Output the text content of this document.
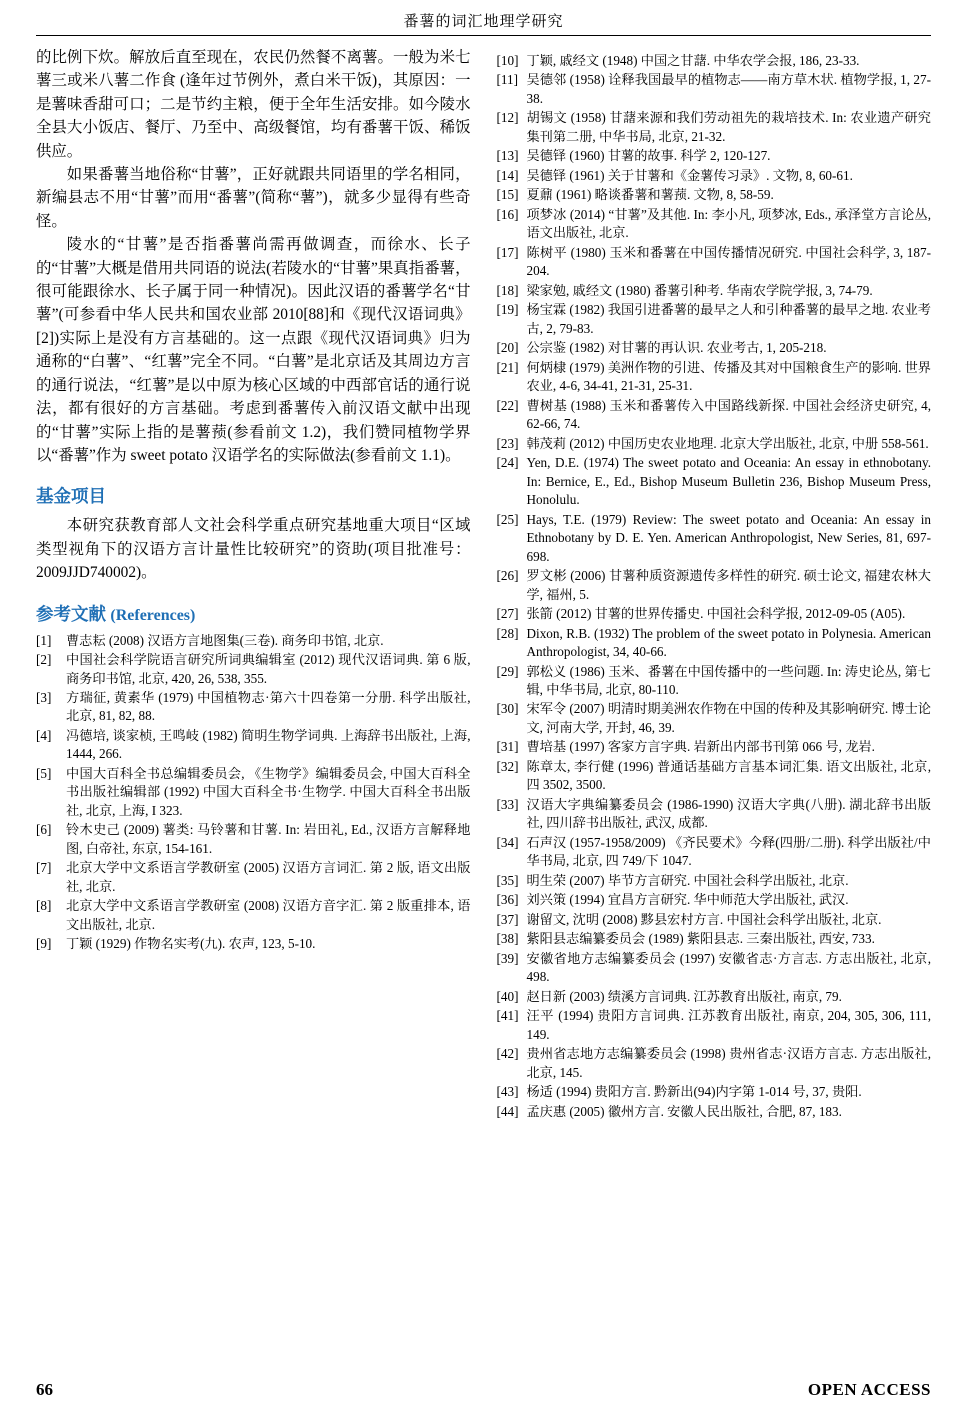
番薯的词汇地理学研究

的比例下炊。解放后直至现在，农民仍然餐不离薯。一般为米七薯三或米八薯二作食 (逢年过节例外，煮白米干饭)，其原因：一是薯味香甜可口；二是节约主粮，便于全年生活安排。如今陵水全县大小饭店、餐厅、乃至中、高级餐馆，均有番薯干饭、稀饭供应。

如果番薯当地俗称“甘薯”，正好就跟共同语里的学名相同，新编县志不用“甘薯”而用“番薯”(简称“薯”)，就多少显得有些奇怪。

陵水的“甘薯”是否指番薯尚需再做调查，而徐水、长子的“甘薯”大概是借用共同语的说法(若陵水的“甘薯”果真指番薯，很可能跟徐水、长子属于同一种情况)。因此汉语的番薯学名“甘薯”(可参看中华人民共和国农业部 2010[88]和《现代汉语词典》[2])实际上是没有方言基础的。这一点跟《现代汉语词典》归为通称的“白薯”、“红薯”完全不同。“白薯”是北京话及其周边方言的通行说法，“红薯”是以中原为核心区域的中西部官话的通行说法，都有很好的方言基础。考虑到番薯传入前汉语文献中出现的“甘薯”实际上指的是薯蓣(参看前文 1.2)，我们赞同植物学界以“番薯”作为 sweet potato 汉语学名的实际做法(参看前文 1.1)。

基金项目

本研究获教育部人文社会科学重点研究基地重大项目“区域类型视角下的汉语方言计量性比较研究”的资助(项目批准号：2009JJD740002)。

参考文献 (References)
[1]	曹志耘 (2008) 汉语方言地图集(三卷). 商务印书馆, 北京.
[2]	中国社会科学院语言研究所词典编辑室 (2012) 现代汉语词典. 第 6 版, 商务印书馆, 北京, 420, 26, 538, 355.
[3]	方瑞征, 黄素华 (1979) 中国植物志·第六十四卷第一分册. 科学出版社, 北京, 81, 82, 88.
[4]	冯德培, 谈家桢, 王鸣岐 (1982) 简明生物学词典. 上海辞书出版社, 上海, 1444, 266.
[5]	中国大百科全书总编辑委员会, 《生物学》编辑委员会, 中国大百科全书出版社编辑部 (1992) 中国大百科全书·生物学. 中国大百科全书出版社, 北京, 上海, I 323.
[6]	铃木史己 (2009) 薯类: 马铃薯和甘薯. In: 岩田礼, Ed., 汉语方言解释地图, 白帝社, 东京, 154-161.
[7]	北京大学中文系语言学教研室 (2005) 汉语方言词汇. 第 2 版, 语文出版社, 北京.
[8]	北京大学中文系语言学教研室 (2008) 汉语方音字汇. 第 2 版重排本, 语文出版社, 北京.
[9]	丁颖 (1929) 作物名实考(九). 农声, 123, 5-10.
[10] 丁颖, 戚经文 (1948) 中国之甘藷. 中华农学会报, 186, 23-33.
[11] 吴德邻 (1958) 诠释我国最早的植物志——南方草木状. 植物学报, 1, 27-38.
[12] 胡锡文 (1958) 甘藷来源和我们劳动祖先的栽培技术. In: 农业遗产研究集刊第二册, 中华书局, 北京, 21-32.
[13] 吴德铎 (1960) 甘薯的故事. 科学 2, 120-127.
[14] 吴德铎 (1961) 关于甘薯和《金薯传习录》. 文物, 8, 60-61.
[15] 夏鼐 (1961) 略谈番薯和薯蓣. 文物, 8, 58-59.
[16] 项梦冰 (2014) “甘薯”及其他. In: 李小凡, 项梦冰, Eds., 承泽堂方言论丛, 语文出版社, 北京.
[17] 陈树平 (1980) 玉米和番薯在中国传播情况研究. 中国社会科学, 3, 187-204.
[18] 梁家勉, 戚经文 (1980) 番薯引种考. 华南农学院学报, 3, 74-79.
[19] 杨宝霖 (1982) 我国引进番薯的最早之人和引种番薯的最早之地. 农业考古, 2, 79-83.
[20] 公宗鉴 (1982) 对甘薯的再认识. 农业考古, 1, 205-218.
[21] 何炳棣 (1979) 美洲作物的引进、传播及其对中国粮食生产的影响. 世界农业, 4-6, 34-41, 21-31, 25-31.
[22] 曹树基 (1988) 玉米和番薯传入中国路线新探. 中国社会经济史研究, 4, 62-66, 74.
[23] 韩茂莉 (2012) 中国历史农业地理. 北京大学出版社, 北京, 中册 558-561.
[24] Yen, D.E. (1974) The sweet potato and Oceania: An essay in ethnobotany. In: Bernice, E., Ed., Bishop Museum Bulletin 236, Bishop Museum Press, Honolulu.
[25] Hays, T.E. (1979) Review: The sweet potato and Oceania: An essay in Ethnobotany by D. E. Yen. American Anthropologist, New Series, 81, 697-698.
[26] 罗文彬 (2006) 甘薯种质资源遗传多样性的研究. 硕士论文, 福建农林大学, 福州, 5.
[27] 张箭 (2012) 甘薯的世界传播史. 中国社会科学报, 2012-09-05 (A05).
[28] Dixon, R.B. (1932) The problem of the sweet potato in Polynesia. American Anthropologist, 34, 40-66.
[29] 郭松义 (1986) 玉米、番薯在中国传播中的一些问题. In: 涛史论丛, 第七辑, 中华书局, 北京, 80-110.
[30] 宋军令 (2007) 明清时期美洲农作物在中国的传种及其影响研究. 博士论文, 河南大学, 开封, 46, 39.
[31] 曹培基 (1997) 客家方言字典. 岩新出内部书刊第 066 号, 龙岩.
[32] 陈章太, 李行健 (1996) 普通话基础方言基本词汇集. 语文出版社, 北京, 四 3502, 3500.
[33] 汉语大字典编纂委员会 (1986-1990) 汉语大字典(八册). 湖北辞书出版社, 四川辞书出版社, 武汉, 成都.
[34] 石声汉 (1957-1958/2009) 《齐民要术》今释(四册/二册). 科学出版社/中华书局, 北京, 四 749/下 1047.
[35] 明生荣 (2007) 毕节方言研究. 中国社会科学出版社, 北京.
[36] 刘兴策 (1994) 宜昌方言研究. 华中师范大学出版社, 武汉.
[37] 谢留文, 沈明 (2008) 黟县宏村方言. 中国社会科学出版社, 北京.
[38] 紫阳县志编纂委员会 (1989) 紫阳县志. 三秦出版社, 西安, 733.
[39] 安徽省地方志编纂委员会 (1997) 安徽省志·方言志. 方志出版社, 北京, 498.
[40] 赵日新 (2003) 绩溪方言词典. 江苏教育出版社, 南京, 79.
[41] 汪平 (1994) 贵阳方言词典. 江苏教育出版社, 南京, 204, 305, 306, 111, 149.
[42] 贵州省志地方志编纂委员会 (1998) 贵州省志·汉语方言志. 方志出版社, 北京, 145.
[43] 杨适 (1994) 贵阳方言. 黔新出(94)内字第 1-014 号, 37, 贵阳.
[44] 孟庆惠 (2005) 徽州方言. 安徽人民出版社, 合肥, 87, 183.
66	OPEN ACCESS
